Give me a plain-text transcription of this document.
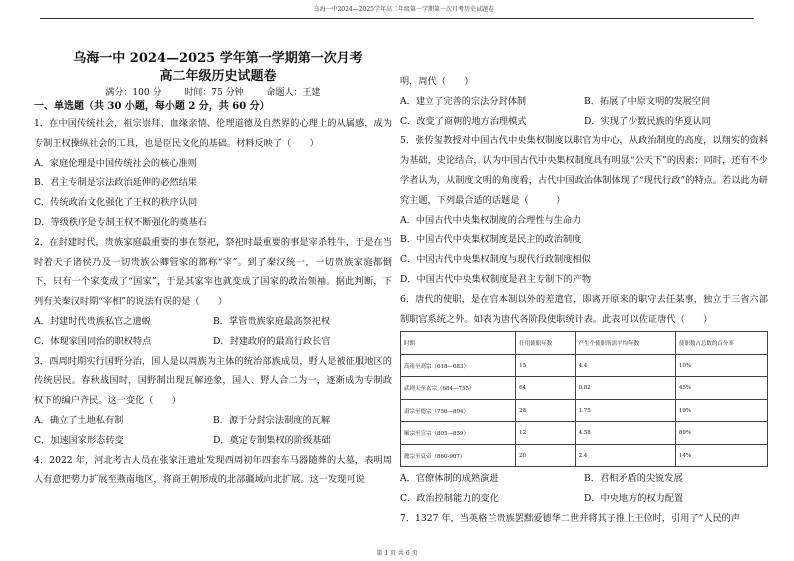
乌海一中2024—2025学年高二年级第一学期第一次月考历史试题卷
乌海一中 2024—2025 学年第一学期第一次月考
高二年级历史试题卷
满分：100 分	时间：75 分钟	命题人：王建
一、单选题（共 30 小题，每小题 2 分，共 60 分）

1．在中国传统社会，祖宗崇拜、血缘亲情、伦理道德及自然界的心理上的从属感，成为专制王权操纵社会的工具，也是臣民文化的基础。材料反映了（　　）

A．家庭伦理是中国传统社会的核心准则

B．君主专制是宗法政治延伸的必然结果

C．传统政治文化强化了王权的秩序认同

D．等级秩序是专制王权不断强化的奠基石

2．在封建时代，贵族家庭最重要的事在祭祀，祭祀时最重要的事是宰杀牲牛，于是在当时着天子诸侯乃及一切贵族公卿管家的都称“宰”。到了秦汉统一，一切贵族家庭都倒下，只有一个家变成了“国家”，于是其家宰也就变成了国家的政治领袖。据此判断，下列有关秦汉时期“宰相”的说法有误的是（　　）

A．封建时代贵族私官之遗蜕	B．掌管贵族家庭最高祭祀权
C．体现家国同治的职权特点	D．封建政府的最高行政长官

3．西周时期实行国野分治，国人是以周族为主体的统治部族成员，野人是被征服地区的传统居民。春秋战国时，国野制出现瓦解迹象，国人、野人合二为一，逐渐成为专制政权下的编户齐民。这一变化（　　）

A．确立了土地私有制	B．源于分封宗法制度的瓦解
C．加速国家形态转变	D．奠定专制集权的阶级基础

4．2022 年，河北考古人员在张家汪遗址发现西周初年四套车马器随葬的大墓，表明周人有意把势力扩展至燕南地区，将商王朝形成的北部疆域向北扩展。这一发现可说

明，周代（　　）

A．建立了完善的宗法分封体制	B．拓展了中原文明的发展空间
C．改变了商朝的地方治理模式	D．实现了少数民族的华夏认同

5．张传玺教授对中国古代中央集权制度以职官为中心，从政治制度的高度，以翔实的资料为基础，史论结合，认为中国古代中央集权制度具有明显“公天下”的因素；同时，还有不少学者认为，从制度文明的角度看，古代中国政治体制体现了“现代行政”的特点。若以此为研究主题，下列最合适的话题是（　　　）

A．中国古代中央集权制度的合理性与生命力

B．中国古代中央集权制度是民主的政治制度

C．中国古代中央集权制度与现代行政制度相似

D．中国古代中央集权制度是君主专制下的产物

6．唐代的使职，是在官本制以外的差遣官，即离开原来的职守去任某事，独立于三省六部制职官系统之外。如表为唐代各阶段使职统计表。此表可以佐证唐代（　　）

时期	任用使职年数	产生个使职所需平均年数	使职数占总数的百分率
高祖至高宗（618—683）	15	4.4	10%
武则天至玄宗（684—755）	64	0.82	45%
肃宗至德宗（756—804）	28	1.75	19%
顺宗至宣宗（805—859）	12	4.58	89%
懿宗至哀帝（860-907）	20	2.4	14%
A．官僚体制的成熟演进	B．君相矛盾的尖锐发展
C．政治控制能力的变化	D．中央地方的权力配置

7．1327 年，当英格兰贵族罢黜爱德华二世并将其子推上王位时，引用了“人民的声

第 1 页 共 6 页
